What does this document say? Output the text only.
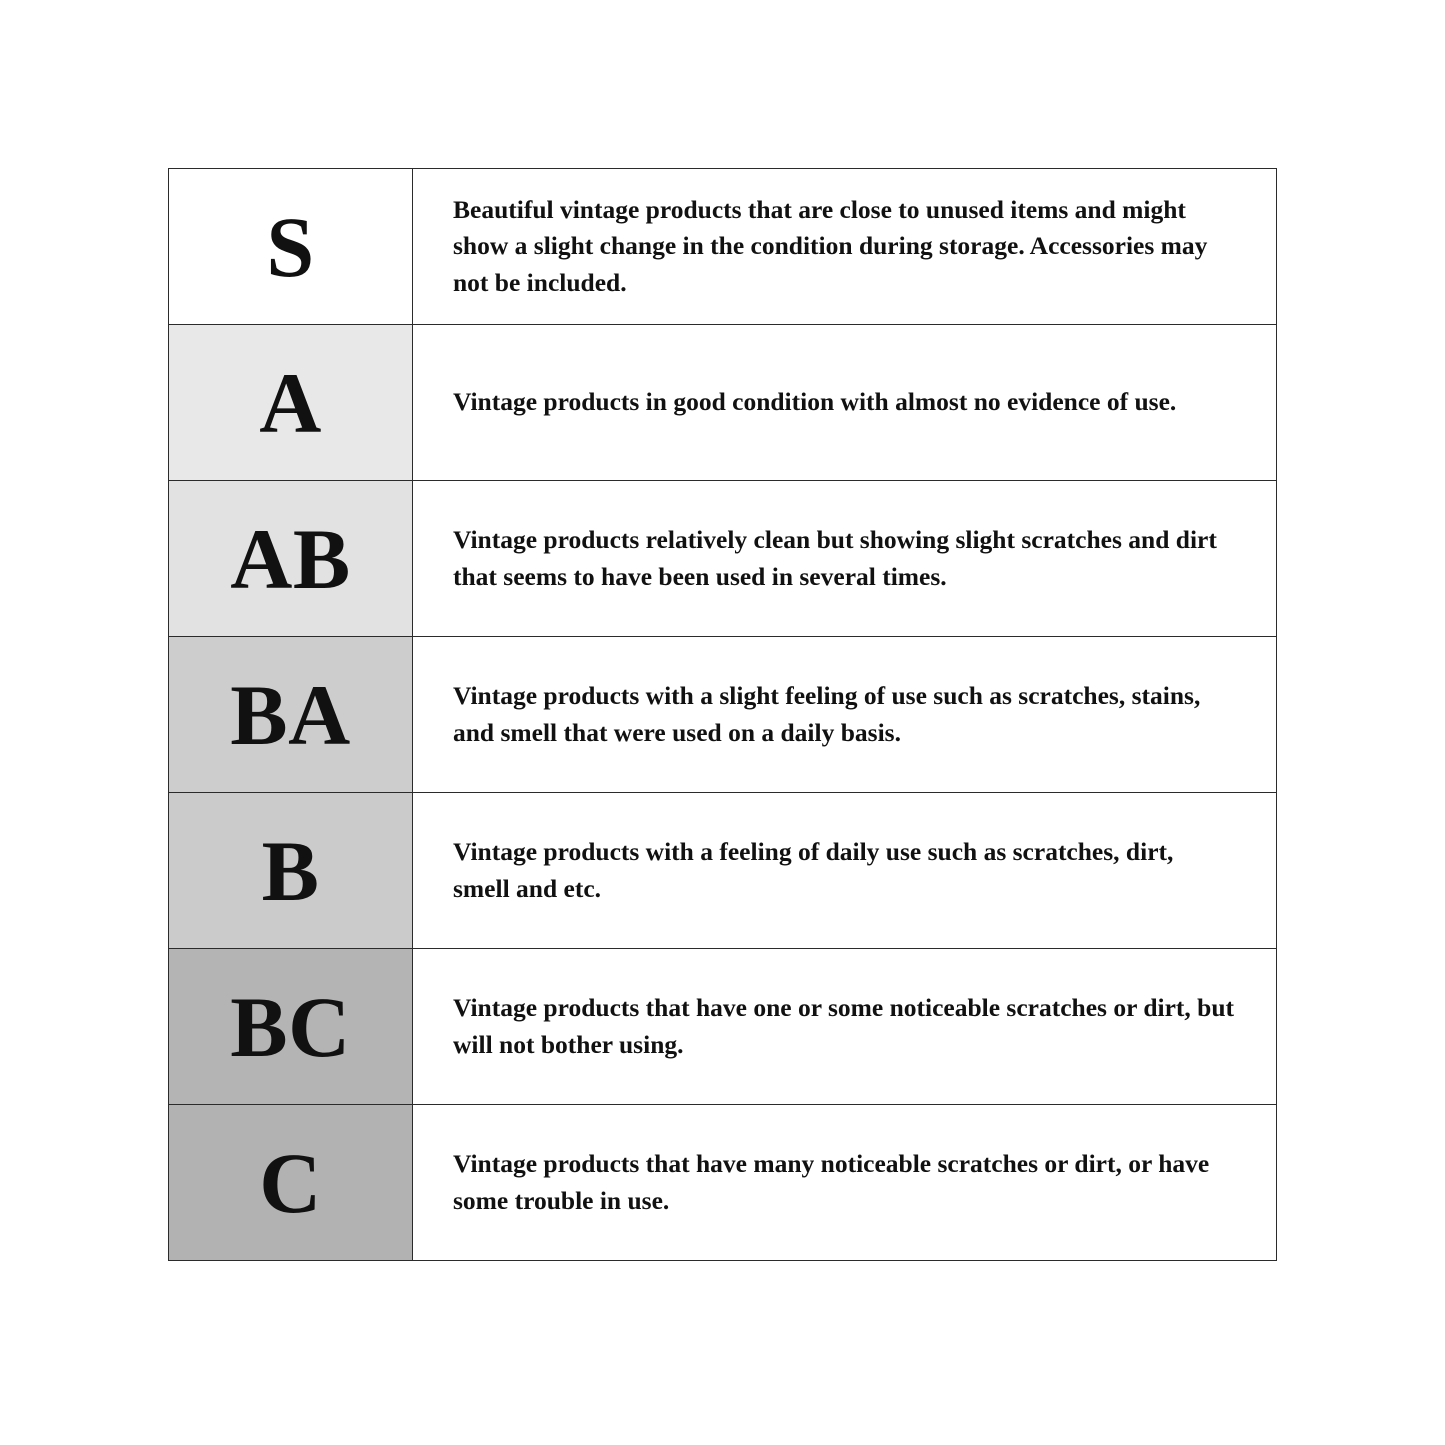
S	Beautiful vintage products that are close to unused items and might show a slight change in the condition during storage. Accessories may not be included.
A	Vintage products in good condition with almost no evidence of use.
AB	Vintage products relatively clean but showing slight scratches and dirt that seems to have been used in several times.
BA	Vintage products with a slight feeling of use such as scratches, stains, and smell that were used on a daily basis.
B	Vintage products with a feeling of daily use such as scratches, dirt, smell and etc.
BC	Vintage products that have one or some noticeable scratches or dirt, but will not bother using.
C	Vintage products that have many noticeable scratches or dirt, or have some trouble in use.
